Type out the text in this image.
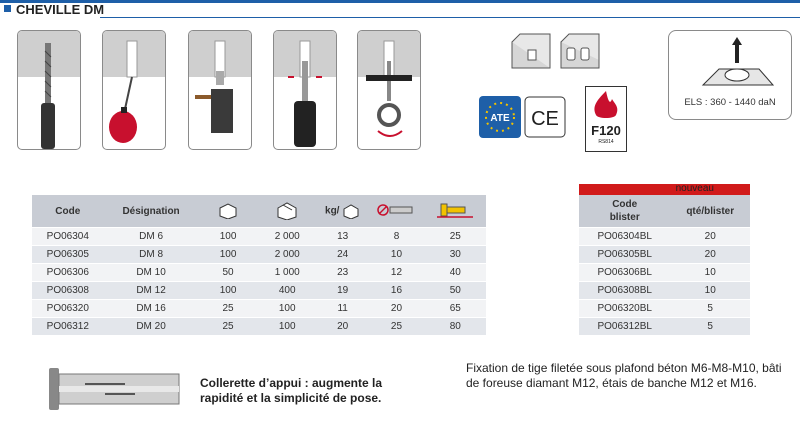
CHEVILLE DM
ATE CE
F120
RS814
ELS : 360 - 1440 daN
Code	Désignation			kg/		
PO06304	DM 6	100	2 000	13	8	25
PO06305	DM 8	100	2 000	24	10	30
PO06306	DM 10	50	1 000	23	12	40
PO06308	DM 12	100	400	19	16	50
PO06320	DM 16	25	100	11	20	65
PO06312	DM 20	25	100	20	25	80
nouveau
Code
blister	qté/blister
PO06304BL	20
PO06305BL	20
PO06306BL	10
PO06308BL	10
PO06320BL	5
PO06312BL	5
Collerette d’appui : augmente la rapidité et la simplicité de pose.
Fixation de tige filetée sous plafond béton M6-M8-M10, bâti de foreuse diamant M12, étais de banche M12 et M16.
